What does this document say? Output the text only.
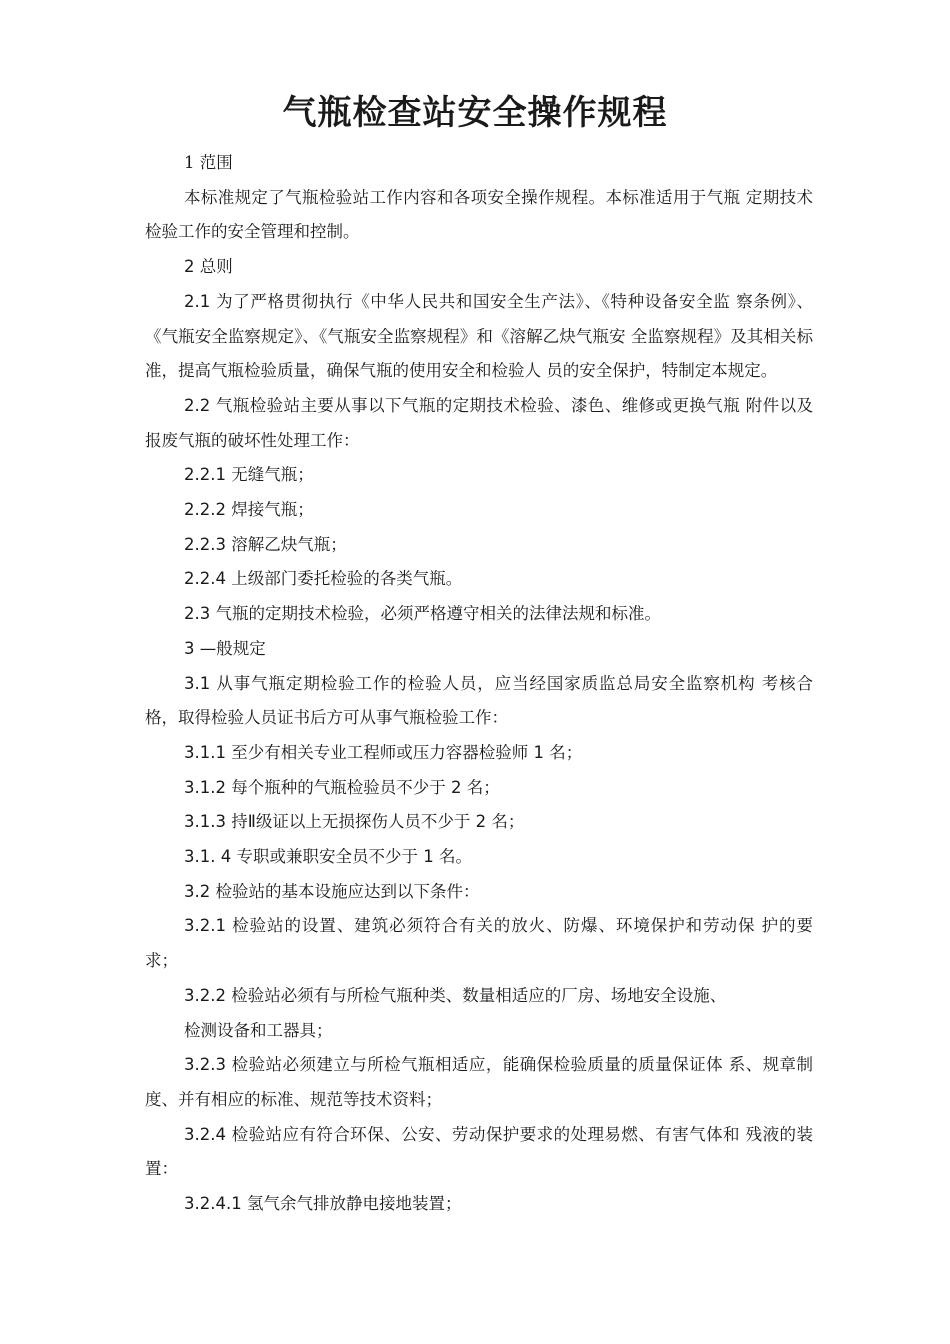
气瓶检查站安全操作规程

1 范围

本标准规定了气瓶检验站工作内容和各项安全操作规程。本标准适用于气瓶 定期技术检验工作的安全管理和控制。

2 总则

2.1 为了严格贯彻执行《中华人民共和国安全生产法》、《特种设备安全监 察条例》、《气瓶安全监察规定》、《气瓶安全监察规程》和《溶解乙炔气瓶安 全监察规程》及其相关标准，提高气瓶检验质量，确保气瓶的使用安全和检验人 员的安全保护，特制定本规定。

2.2 气瓶检验站主要从事以下气瓶的定期技术检验、漆色、维修或更换气瓶 附件以及报废气瓶的破坏性处理工作：

2.2.1 无缝气瓶；

2.2.2 焊接气瓶；

2.2.3 溶解乙炔气瓶；

2.2.4 上级部门委托检验的各类气瓶。

2.3 气瓶的定期技术检验，必须严格遵守相关的法律法规和标准。

3 —般规定

3.1 从事气瓶定期检验工作的检验人员，应当经国家质监总局安全监察机构 考核合格，取得检验人员证书后方可从事气瓶检验工作：

3.1.1 至少有相关专业工程师或压力容器检验师 1 名；

3.1.2 每个瓶种的气瓶检验员不少于 2 名；

3.1.3 持Ⅱ级证以上无损探伤人员不少于 2 名；

3.1. 4 专职或兼职安全员不少于 1 名。

3.2 检验站的基本设施应达到以下条件：

3.2.1 检验站的设置、建筑必须符合有关的放火、防爆、环境保护和劳动保 护的要求；

3.2.2 检验站必须有与所检气瓶种类、数量相适应的厂房、场地安全设施、

检测设备和工器具；

3.2.3 检验站必须建立与所检气瓶相适应，能确保检验质量的质量保证体 系、规章制度、并有相应的标准、规范等技术资料；

3.2.4 检验站应有符合环保、公安、劳动保护要求的处理易燃、有害气体和 残液的装置：

3.2.4.1 氢气余气排放静电接地装置；
